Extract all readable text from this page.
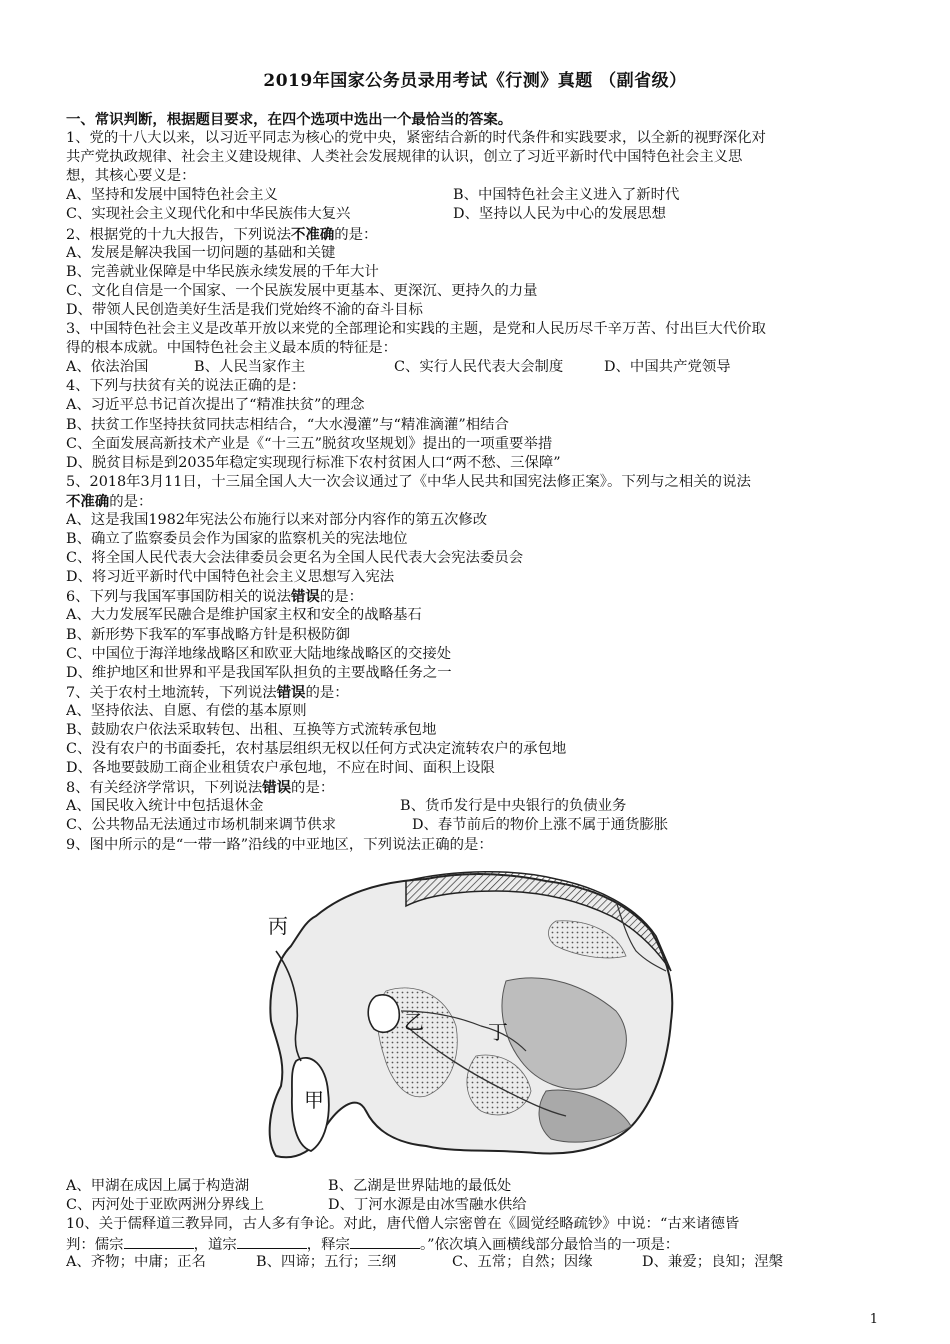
2019年国家公务员录用考试《行测》真题 （副省级）
一、常识判断，根据题目要求，在四个选项中选出一个最恰当的答案。
1、党的十八大以来，以习近平同志为核心的党中央，紧密结合新的时代条件和实践要求，以全新的视野深化对
共产党执政规律、社会主义建设规律、人类社会发展规律的认识，创立了习近平新时代中国特色社会主义思
想，其核心要义是：
A、坚持和发展中国特色社会主义	B、中国特色社会主义进入了新时代
C、实现社会主义现代化和中华民族伟大复兴	D、坚持以人民为中心的发展思想
2、根据党的十九大报告，下列说法不准确的是：
A、发展是解决我国一切问题的基础和关键
B、完善就业保障是中华民族永续发展的千年大计
C、文化自信是一个国家、一个民族发展中更基本、更深沉、更持久的力量
D、带领人民创造美好生活是我们党始终不渝的奋斗目标
3、中国特色社会主义是改革开放以来党的全部理论和实践的主题，是党和人民历尽千辛万苦、付出巨大代价取
得的根本成就。中国特色社会主义最本质的特征是：
A、依法治国	B、人民当家作主	C、实行人民代表大会制度	D、中国共产党领导
4、下列与扶贫有关的说法正确的是：
A、习近平总书记首次提出了“精准扶贫”的理念
B、扶贫工作坚持扶贫同扶志相结合，“大水漫灌”与“精准滴灌”相结合
C、全面发展高新技术产业是《“十三五”脱贫攻坚规划》提出的一项重要举措
D、脱贫目标是到2035年稳定实现现行标准下农村贫困人口“两不愁、三保障”
5、2018年3月11日，十三届全国人大一次会议通过了《中华人民共和国宪法修正案》。下列与之相关的说法
不准确的是：
A、这是我国1982年宪法公布施行以来对部分内容作的第五次修改
B、确立了监察委员会作为国家的监察机关的宪法地位
C、将全国人民代表大会法律委员会更名为全国人民代表大会宪法委员会
D、将习近平新时代中国特色社会主义思想写入宪法
6、下列与我国军事国防相关的说法错误的是：
A、大力发展军民融合是维护国家主权和安全的战略基石
B、新形势下我军的军事战略方针是积极防御
C、中国位于海洋地缘战略区和欧亚大陆地缘战略区的交接处
D、维护地区和世界和平是我国军队担负的主要战略任务之一
7、关于农村土地流转，下列说法错误的是：
A、坚持依法、自愿、有偿的基本原则
B、鼓励农户依法采取转包、出租、互换等方式流转承包地
C、没有农户的书面委托，农村基层组织无权以任何方式决定流转农户的承包地
D、各地要鼓励工商企业租赁农户承包地，不应在时间、面积上设限
8、有关经济学常识，下列说法错误的是：
A、国民收入统计中包括退休金	B、货币发行是中央银行的负债业务
C、公共物品无法通过市场机制来调节供求	D、春节前后的物价上涨不属于通货膨胀
9、图中所示的是“一带一路”沿线的中亚地区，下列说法正确的是：
丙
乙	丁
甲
A、甲湖在成因上属于构造湖	B、乙湖是世界陆地的最低处
C、丙河处于亚欧两洲分界线上	D、丁河水源是由冰雪融水供给
10、关于儒释道三教异同，古人多有争论。对此，唐代僧人宗密曾在《圆觉经略疏钞》中说：“古来诸德皆
判：儒宗	，道宗	，释宗	。”依次填入画横线部分最恰当的一项是：
A、齐物；中庸；正名	B、四谛；五行；三纲	C、五常；自然；因缘	D、兼爱；良知；涅槃
1
